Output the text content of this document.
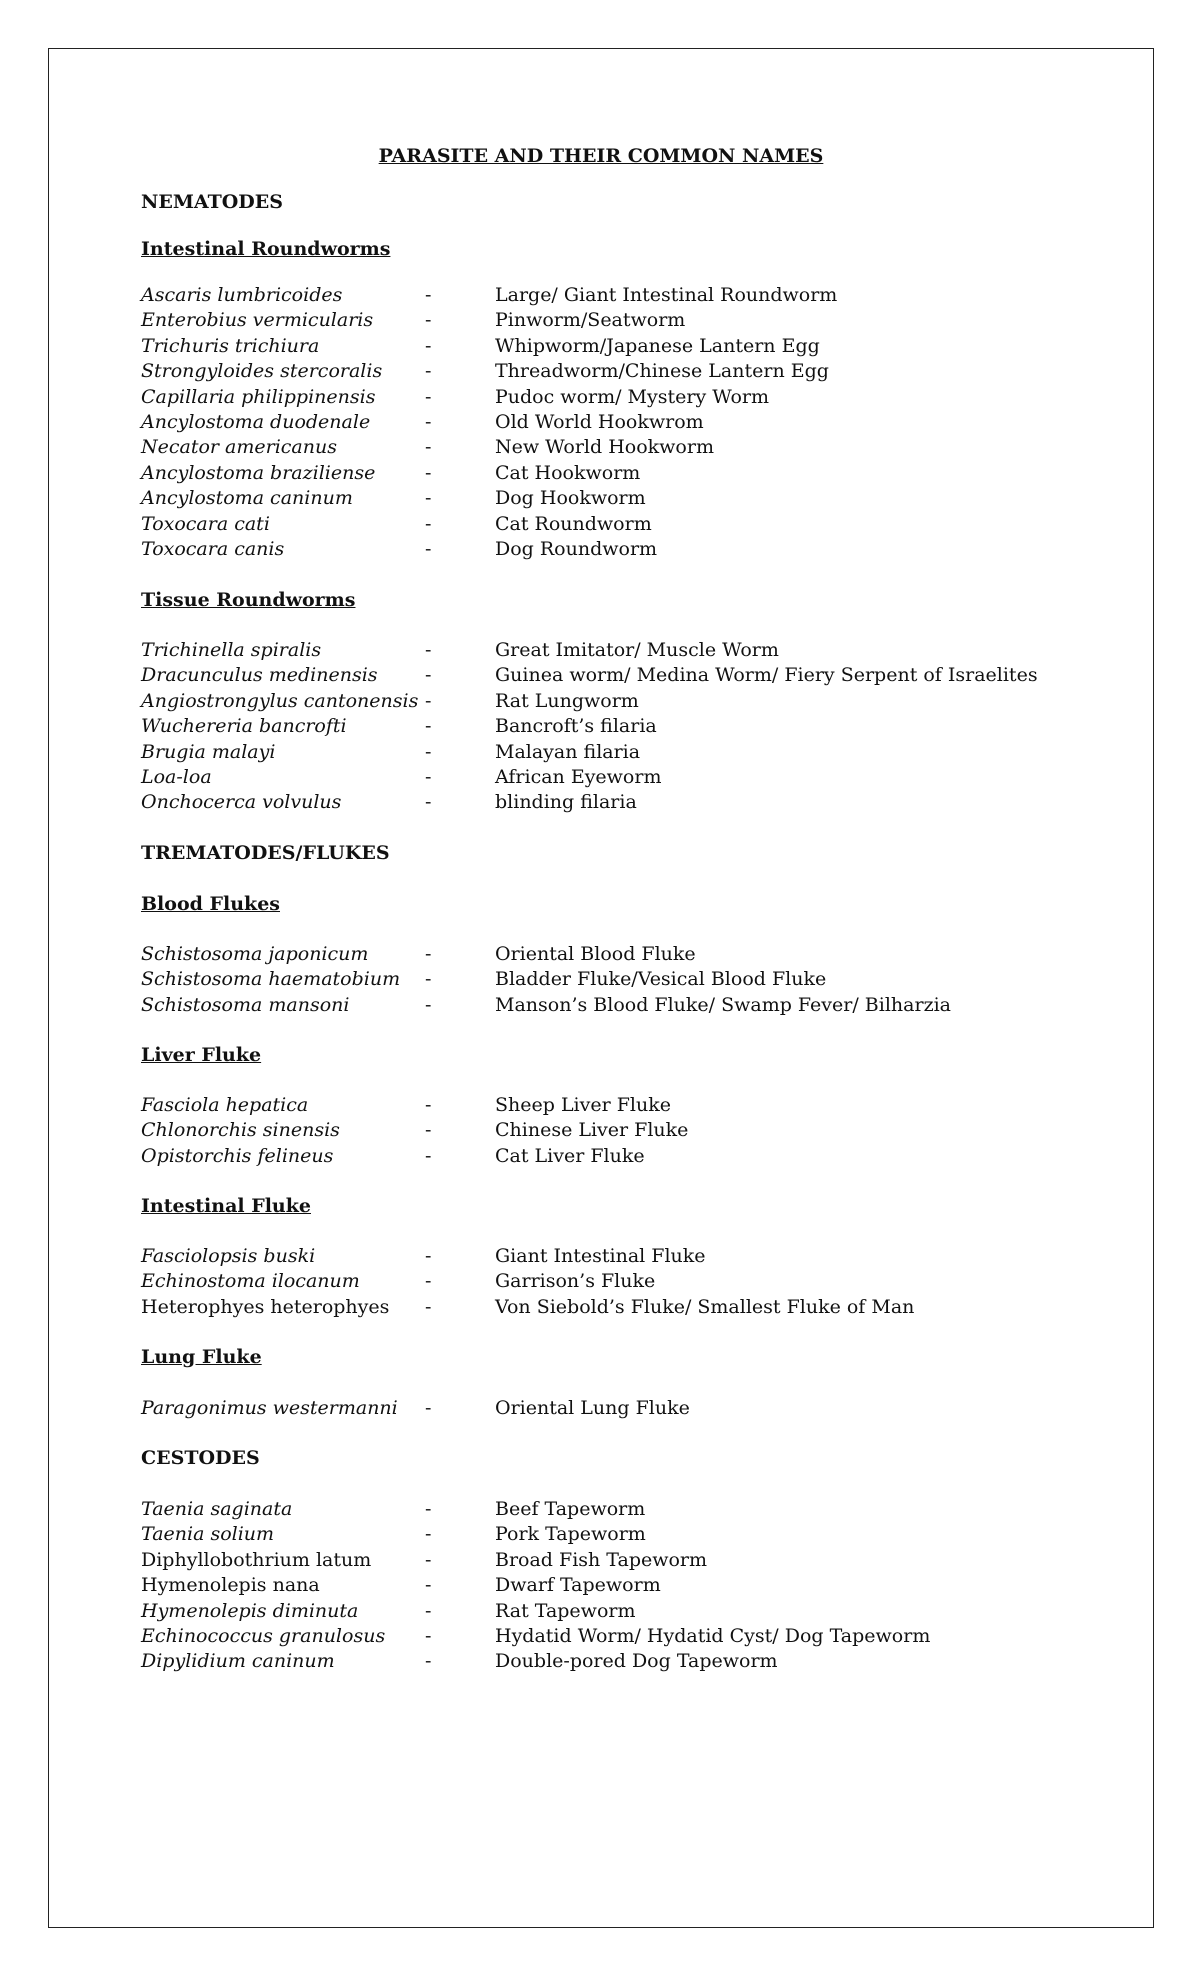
PARASITE AND THEIR COMMON NAMES
NEMATODES
Intestinal Roundworms
Ascaris lumbricoides	-	Large/ Giant Intestinal Roundworm
Enterobius vermicularis	-	Pinworm/Seatworm
Trichuris trichiura	-	Whipworm/Japanese Lantern Egg
Strongyloides stercoralis -	Threadworm/Chinese Lantern Egg
Capillaria philippinensis	-	Pudoc worm/ Mystery Worm
Ancylostoma duodenale	-	Old World Hookwrom
Necator americanus	-	New World Hookworm
Ancylostoma braziliense	-	Cat Hookworm
Ancylostoma caninum	-	Dog Hookworm
Toxocara cati	-	Cat Roundworm
Toxocara canis	-	Dog Roundworm
Tissue Roundworms
Trichinella spiralis	-	Great Imitator/ Muscle Worm
Dracunculus medinensis -	Guinea worm/ Medina Worm/ Fiery Serpent of Israelites
Angiostrongylus cantonensis -	Rat Lungworm
Wuchereria bancrofti	-	Bancroft’s filaria
Brugia malayi	-	Malayan filaria
Loa-loa	-	African Eyeworm
Onchocerca volvulus	-	blinding filaria
TREMATODES/FLUKES
Blood Flukes
Schistosoma japonicum	-	Oriental Blood Fluke
Schistosoma haematobium -	Bladder Fluke/Vesical Blood Fluke
Schistosoma mansoni	-	Manson’s Blood Fluke/ Swamp Fever/ Bilharzia
Liver Fluke
Fasciola hepatica	-	Sheep Liver Fluke
Chlonorchis sinensis	-	Chinese Liver Fluke
Opistorchis felineus	-	Cat Liver Fluke
Intestinal Fluke
Fasciolopsis buski	-	Giant Intestinal Fluke
Echinostoma ilocanum	-	Garrison’s Fluke
Heterophyes heterophyes -	Von Siebold’s Fluke/ Smallest Fluke of Man
Lung Fluke
Paragonimus westermanni -	Oriental Lung Fluke
CESTODES
Taenia saginata	-	Beef Tapeworm
Taenia solium	-	Pork Tapeworm
Diphyllobothrium latum	-	Broad Fish Tapeworm
Hymenolepis nana	-	Dwarf Tapeworm
Hymenolepis diminuta	-	Rat Tapeworm
Echinococcus granulosus -	Hydatid Worm/ Hydatid Cyst/ Dog Tapeworm
Dipylidium caninum	-	Double-pored Dog Tapeworm
